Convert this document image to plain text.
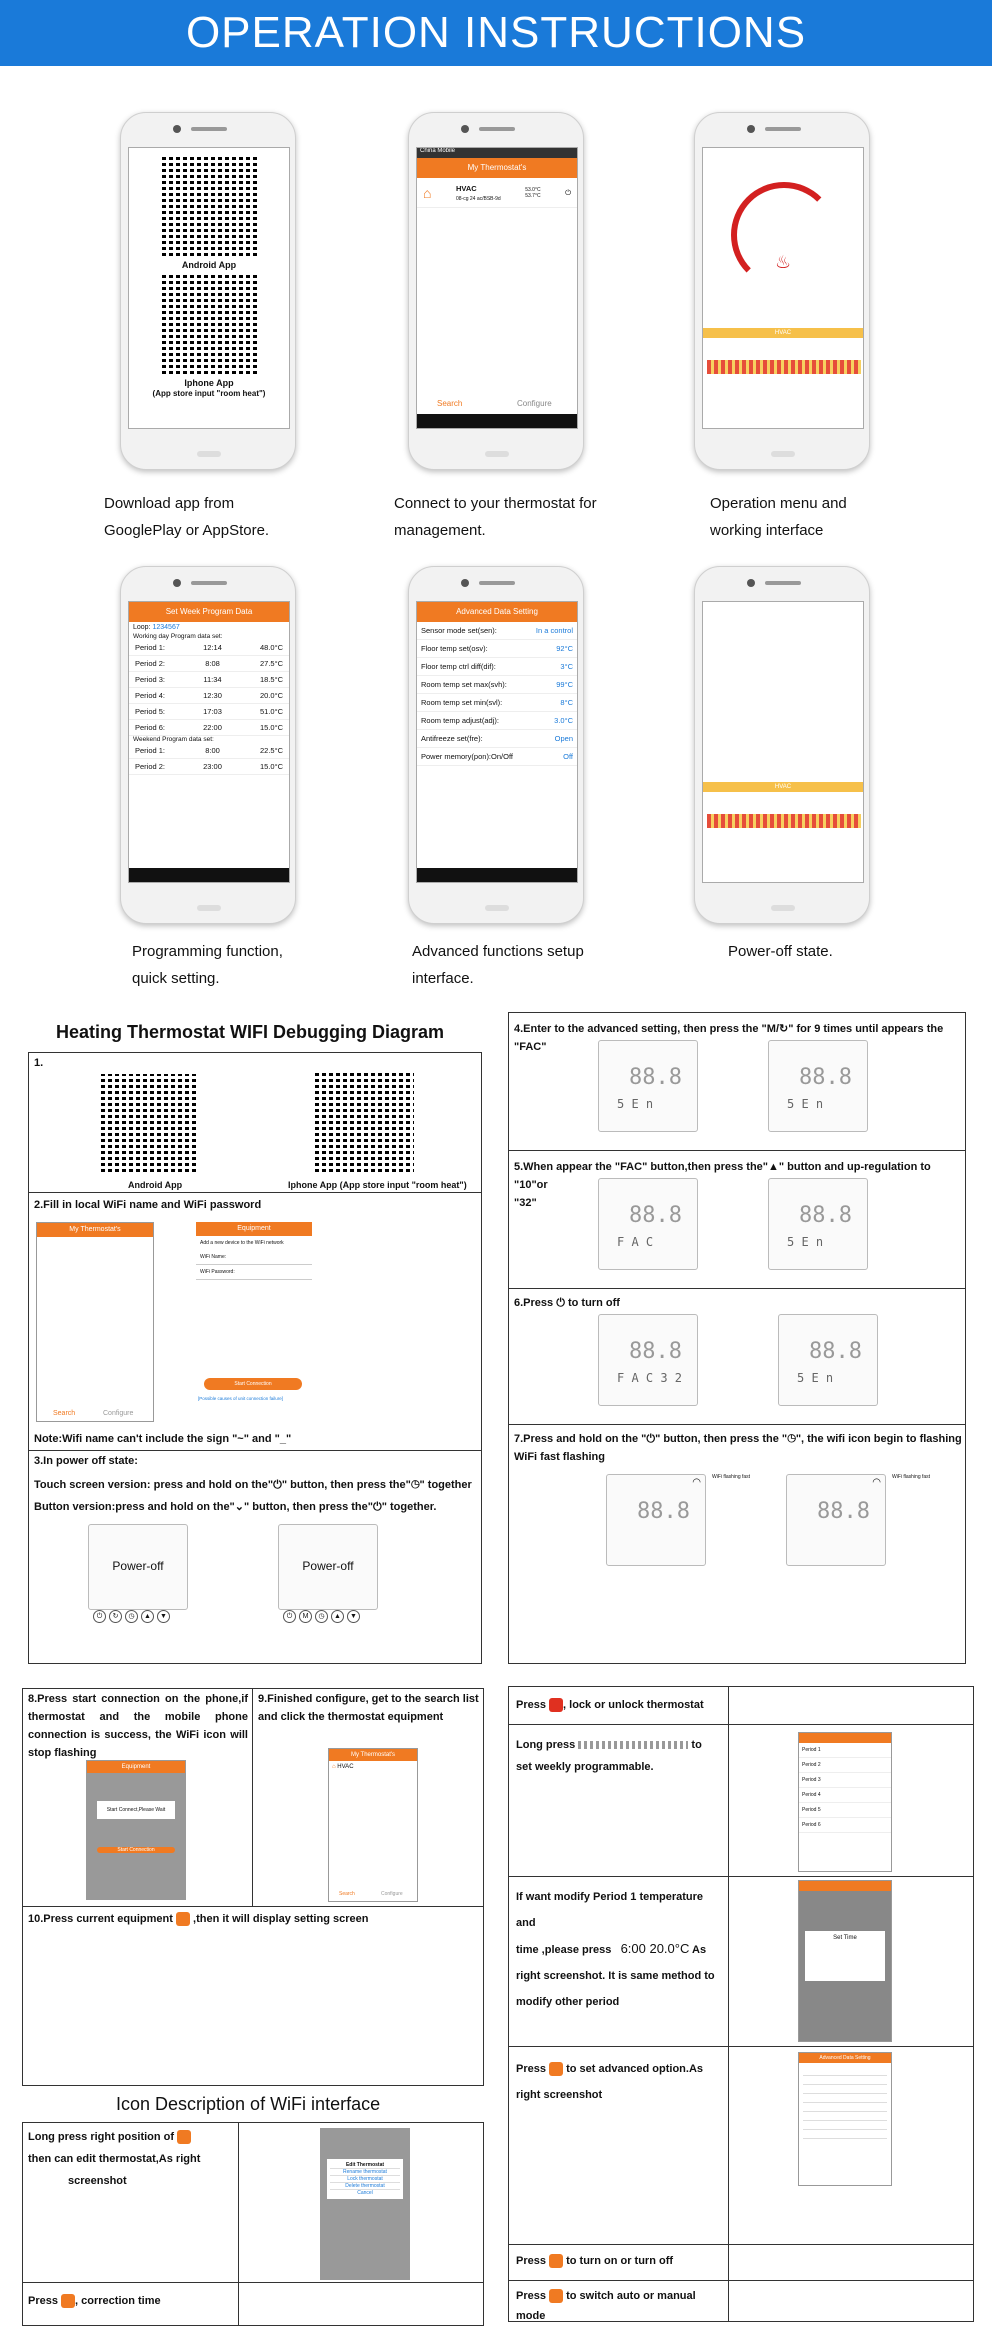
OPERATION INSTRUCTIONS
Android App
Iphone App
(App store input "room heat")
China Mobile
My Thermostat's
⌂	HVAC
08-cg 24 ac/BSB-9d
53.0°C
53.7°C	⏻
Search	Configure
China Mobile
HVAC
20.0	53.0
♨
14:41Saturday
HVAC
Power	Temp Manual	Senior
Download app from
GooglePlay or AppStore.
Connect to your thermostat for
management.
Operation menu and
working interface
Set Week Program Data
Loop: 1234567
Working day Program data set:
Period 1:	12:14	48.0°C
Period 2:	8:08	27.5°C
Period 3:	11:34	18.5°C
Period 4:	12:30	20.0°C
Period 5:	17:03	51.0°C
Period 6:	22:00	15.0°C
Weekend Program data set:
Period 1:	8:00	22.5°C
Period 2:	23:00	15.0°C
Advanced Data Setting
Sensor mode set(sen):	In a control
Floor temp set(osv):	92°C
Floor temp ctrl diff(dif):	3°C
Room temp set max(svh):	99°C
Room temp set min(svl):	8°C
Room temp adjust(adj):	3.0°C
Antifreeze set(fre):	Open
Power memory(pon):On/Off	Off
HVAC
POWER-OFF
14:42Saturday
HVAC
Power	Automatic	Senior
Programming function,
quick setting.
Advanced functions setup
interface.
Power-off state.
Heating Thermostat WIFI Debugging Diagram
1.
Android App	Iphone App (App store input "room heat")
2.Fill in local WiFi name and WiFi password
My Thermostat's
Search	Configure
Equipment
Add a new device to the WiFi network
WiFi Name:
WiFi Password:
Start Connection
[Possible causes of unit connection failure]
Note:Wifi name can't include the sign "~" and "_"
3.In power off state:
Touch screen version: press and hold on the"⏻" button, then press the"◷" together
Button version:press and hold on the"⌄" button, then press the"⏻" together.
Power-off
⏻	↻	◷	▲	▼
Power-off
⏻	M	◷	▲	▼
4.Enter to the advanced setting, then press the "M/↻" for 9 times until appears the
"FAC"
88.8
5 E n
88.8
5 E n
5.When appear the "FAC" button,then press the"▲" button and up-regulation to "10"or
"32"	88.8
F A C
88.8
5 E n
6.Press ⏻ to turn off
88.8
F A C 3 2
88.8
5 E n
7.Press and hold on the "⏻" button, then press the "◷", the wifi icon begin to flashing
WiFi fast flashing
88.8
◠ WiFi flashing fast
88.8
◠ WiFi flashing fast
8.Press start connection on the phone,if thermostat and the mobile phone connection is success, the WiFi icon will stop flashing
Equipment
Start Connect,Please Wait
Start Connection
9.Finished configure, get to the search list and click the thermostat equipment
My Thermostat's
⌂ HVAC
Search	Configure
10.Press current equipment ,then it will display setting screen
HVAC
Room set to
22.0
Icon Description of WiFi interface
Long press right position of
then can edit thermostat,As right
screenshot
Edit Thermostat
Rename thermostat
Lock thermostat
Delete thermostat
Cancel
Press , correction time
Press , lock or unlock thermostat
Long press	to
set weekly programmable.
Period 1
Period 2
Period 3
Period 4
Period 5
Period 6
If want modify Period 1 temperature and
time ,please press 6:00 20.0°C As
right screenshot. It is same method to
modify other period
Set Time
Press to set advanced option.As
right screenshot
Advanced Data Setting
Press to turn on or turn off
Press to switch auto or manual
mode
